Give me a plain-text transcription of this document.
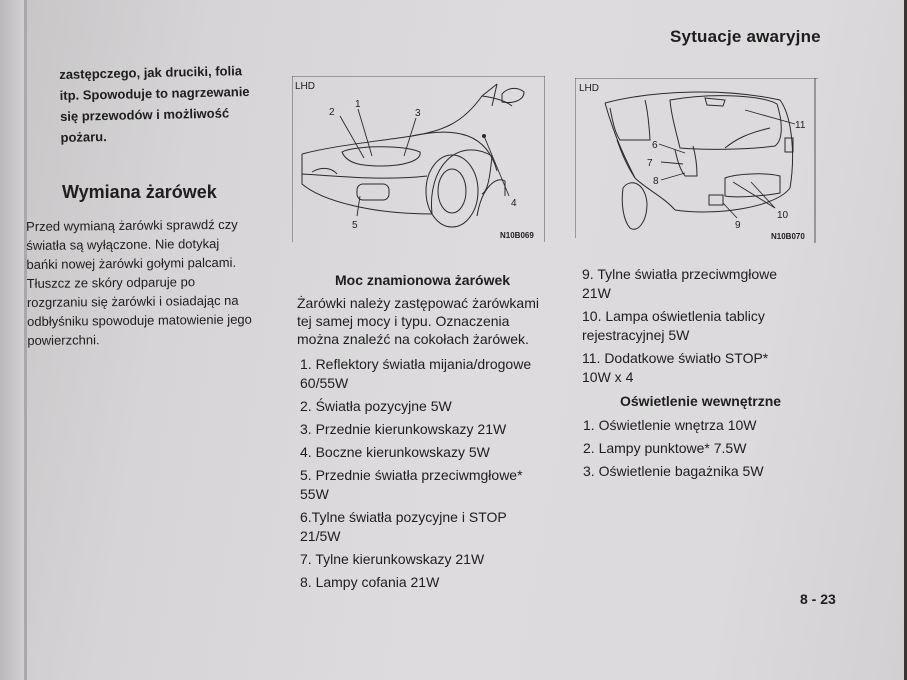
Sytuacje awaryjne
zastępczego, jak druciki, folia
itp. Spowoduje to nagrzewanie
się przewodów i możliwość
pożaru.
Wymiana żarówek
Przed wymianą żarówki sprawdź czy
światła są wyłączone. Nie dotykaj
bańki nowej żarówki gołymi palcami.
Tłuszcz ze skóry odparuje po
rozgrzaniu się żarówki i osiadając na
odbłyśniku spowoduje matowienie jego
powierzchni.
LHD
2
1
3
4
5
N10B069
LHD
11
6
7
8
9
10
N10B070
Moc znamionowa żarówek
Żarówki należy zastępować żarówkami
tej samej mocy i typu. Oznaczenia
można znaleźć na cokołach żarówek.
1. Reflektory światła mijania/drogowe
60/55W
2. Światła pozycyjne 5W
3. Przednie kierunkowskazy 21W
4. Boczne kierunkowskazy 5W
5. Przednie światła przeciwmgłowe*
55W
6.Tylne światła pozycyjne i STOP
21/5W
7. Tylne kierunkowskazy 21W
8. Lampy cofania 21W
9. Tylne światła przeciwmgłowe
21W
10. Lampa oświetlenia tablicy
rejestracyjnej 5W
11. Dodatkowe światło STOP*
10W x 4
Oświetlenie wewnętrzne
1. Oświetlenie wnętrza 10W
2. Lampy punktowe* 7.5W
3. Oświetlenie bagażnika 5W
8 - 23
